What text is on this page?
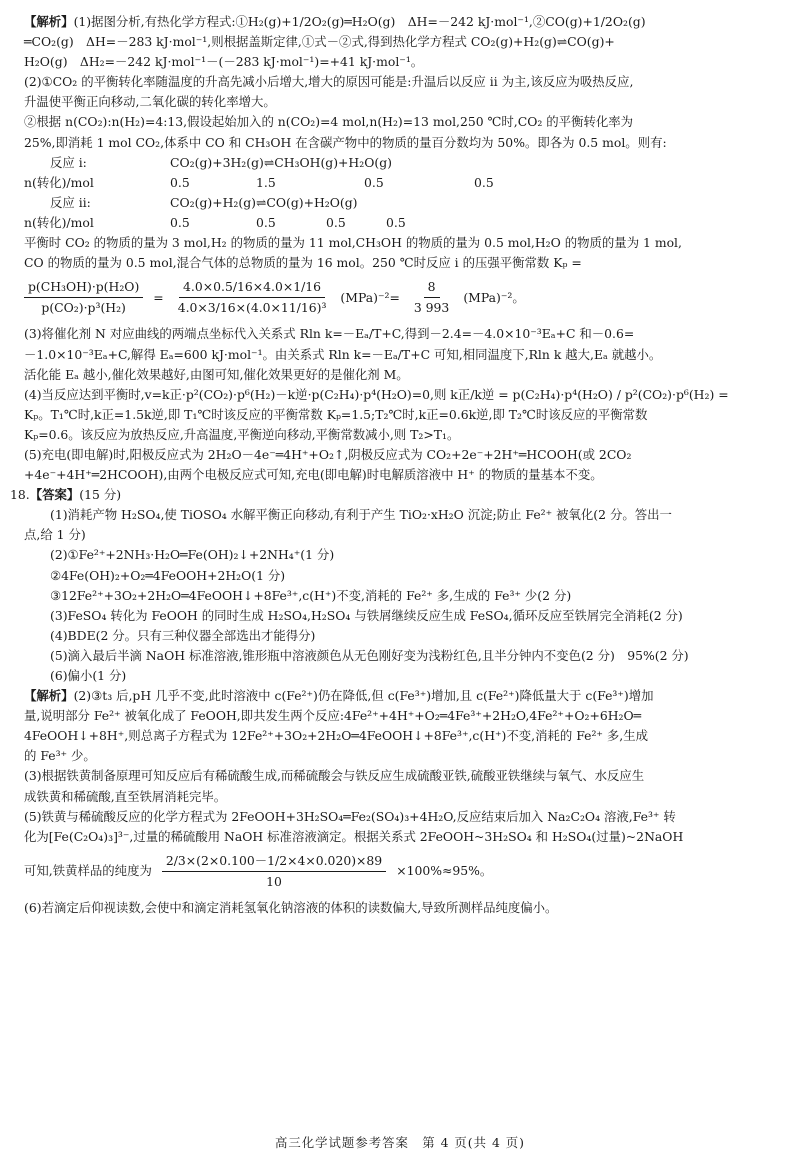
【解析】(1)据图分析,有热化学方程式:①H₂(g)+1/2O₂(g)═H₂O(g)　ΔH=－242 kJ·mol⁻¹,②CO(g)+1/2O₂(g)

═CO₂(g)　ΔH=－283 kJ·mol⁻¹,则根据盖斯定律,①式－②式,得到热化学方程式 CO₂(g)+H₂(g)⇌CO(g)+

H₂O(g)　ΔH₂=－242 kJ·mol⁻¹－(－283 kJ·mol⁻¹)=+41 kJ·mol⁻¹。

(2)①CO₂ 的平衡转化率随温度的升高先减小后增大,增大的原因可能是:升温后以反应 ⅱ 为主,该反应为吸热反应,

升温使平衡正向移动,二氧化碳的转化率增大。

②根据 n(CO₂):n(H₂)=4:13,假设起始加入的 n(CO₂)=4 mol,n(H₂)=13 mol,250 ℃时,CO₂ 的平衡转化率为

25%,即消耗 1 mol CO₂,体系中 CO 和 CH₃OH 在含碳产物中的物质的量百分数均为 50%。即各为 0.5 mol。则有:

反应 ⅰ:	CO₂(g)+3H₂(g)⇌CH₃OH(g)+H₂O(g)
n(转化)/mol	0.5	1.5	0.5	0.5
反应 ⅱ:	CO₂(g)+H₂(g)⇌CO(g)+H₂O(g)
n(转化)/mol	0.5	0.5	0.5	0.5

平衡时 CO₂ 的物质的量为 3 mol,H₂ 的物质的量为 11 mol,CH₃OH 的物质的量为 0.5 mol,H₂O 的物质的量为 1 mol,

CO 的物质的量为 0.5 mol,混合气体的总物质的量为 16 mol。250 ℃时反应 ⅰ 的压强平衡常数 Kₚ =

$\frac{\text{p(CH₃OH)·p(H₂O)}}{\text{p(CO₂)·p³(H₂)}} = \frac{4.0\times 0.5/16\times 4.0\times 1/16}{\text{4.0×3/16×(4.0×11/16)³}} (MPa)^{-2}= \frac{8}{3 993} (MPa)^{-2}$。

(3)将催化剂 N 对应曲线的两端点坐标代入关系式 Rln k=－Eₐ/T+C,得到－2.4=－4.0×10⁻³Eₐ+C 和－0.6=

－1.0×10⁻³Eₐ+C,解得 Eₐ=600 kJ·mol⁻¹。由关系式 Rln k=－Eₐ/T+C 可知,相同温度下,Rln k 越大,Eₐ 就越小。

活化能 Eₐ 越小,催化效果越好,由图可知,催化效果更好的是催化剂 M。

(4)当反应达到平衡时,v=k正·p²(CO₂)·p⁶(H₂)－k逆·p(C₂H₄)·p⁴(H₂O)=0,则 k正/k逆 = p(C₂H₄)·p⁴(H₂O) / p²(CO₂)·p⁶(H₂) =

Kₚ。T₁℃时,k正=1.5k逆,即 T₁℃时该反应的平衡常数 Kₚ=1.5;T₂℃时,k正=0.6k逆,即 T₂℃时该反应的平衡常数

Kₚ=0.6。该反应为放热反应,升高温度,平衡逆向移动,平衡常数减小,则 T₂>T₁。

(5)充电(即电解)时,阳极反应式为 2H₂O－4e⁻═4H⁺+O₂↑,阴极反应式为 CO₂+2e⁻+2H⁺═HCOOH(或 2CO₂

+4e⁻+4H⁺═2HCOOH),由两个电极反应式可知,充电(即电解)时电解质溶液中 H⁺ 的物质的量基本不变。

18.【答案】(15 分)

(1)消耗产物 H₂SO₄,使 TiOSO₄ 水解平衡正向移动,有利于产生 TiO₂·xH₂O 沉淀;防止 Fe²⁺ 被氧化(2 分。答出一

点,给 1 分)

(2)①Fe²⁺+2NH₃·H₂O═Fe(OH)₂↓+2NH₄⁺(1 分)

②4Fe(OH)₂+O₂═4FeOOH+2H₂O(1 分)

③12Fe²⁺+3O₂+2H₂O═4FeOOH↓+8Fe³⁺,c(H⁺)不变,消耗的 Fe²⁺ 多,生成的 Fe³⁺ 少(2 分)

(3)FeSO₄ 转化为 FeOOH 的同时生成 H₂SO₄,H₂SO₄ 与铁屑继续反应生成 FeSO₄,循环反应至铁屑完全消耗(2 分)

(4)BDE(2 分。只有三种仪器全部选出才能得分)

(5)滴入最后半滴 NaOH 标准溶液,锥形瓶中溶液颜色从无色刚好变为浅粉红色,且半分钟内不变色(2 分)　95%(2 分)

(6)偏小(1 分)

【解析】(2)③t₃ 后,pH 几乎不变,此时溶液中 c(Fe²⁺)仍在降低,但 c(Fe³⁺)增加,且 c(Fe²⁺)降低量大于 c(Fe³⁺)增加

量,说明部分 Fe²⁺ 被氧化成了 FeOOH,即共发生两个反应:4Fe²⁺+4H⁺+O₂═4Fe³⁺+2H₂O,4Fe²⁺+O₂+6H₂O═

4FeOOH↓+8H⁺,则总离子方程式为 12Fe²⁺+3O₂+2H₂O═4FeOOH↓+8Fe³⁺,c(H⁺)不变,消耗的 Fe²⁺ 多,生成

的 Fe³⁺ 少。

(3)根据铁黄制备原理可知反应后有稀硫酸生成,而稀硫酸会与铁反应生成硫酸亚铁,硫酸亚铁继续与氧气、水反应生

成铁黄和稀硫酸,直至铁屑消耗完毕。

(5)铁黄与稀硫酸反应的化学方程式为 2FeOOH+3H₂SO₄═Fe₂(SO₄)₃+4H₂O,反应结束后加入 Na₂C₂O₄ 溶液,Fe³⁺ 转

化为[Fe(C₂O₄)₃]³⁻,过量的稀硫酸用 NaOH 标准溶液滴定。根据关系式 2FeOOH~3H₂SO₄ 和 H₂SO₄(过量)~2NaOH

可知,铁黄样品的纯度为 $\frac{2/3\times(2\times 0.100-1/2\times 4\times 0.020)\times 89}{10} \times 100\%\approx 95\%$。

(6)若滴定后仰视读数,会使中和滴定消耗氢氧化钠溶液的体积的读数偏大,导致所测样品纯度偏小。

高三化学试题参考答案　第 4 页(共 4 页)
